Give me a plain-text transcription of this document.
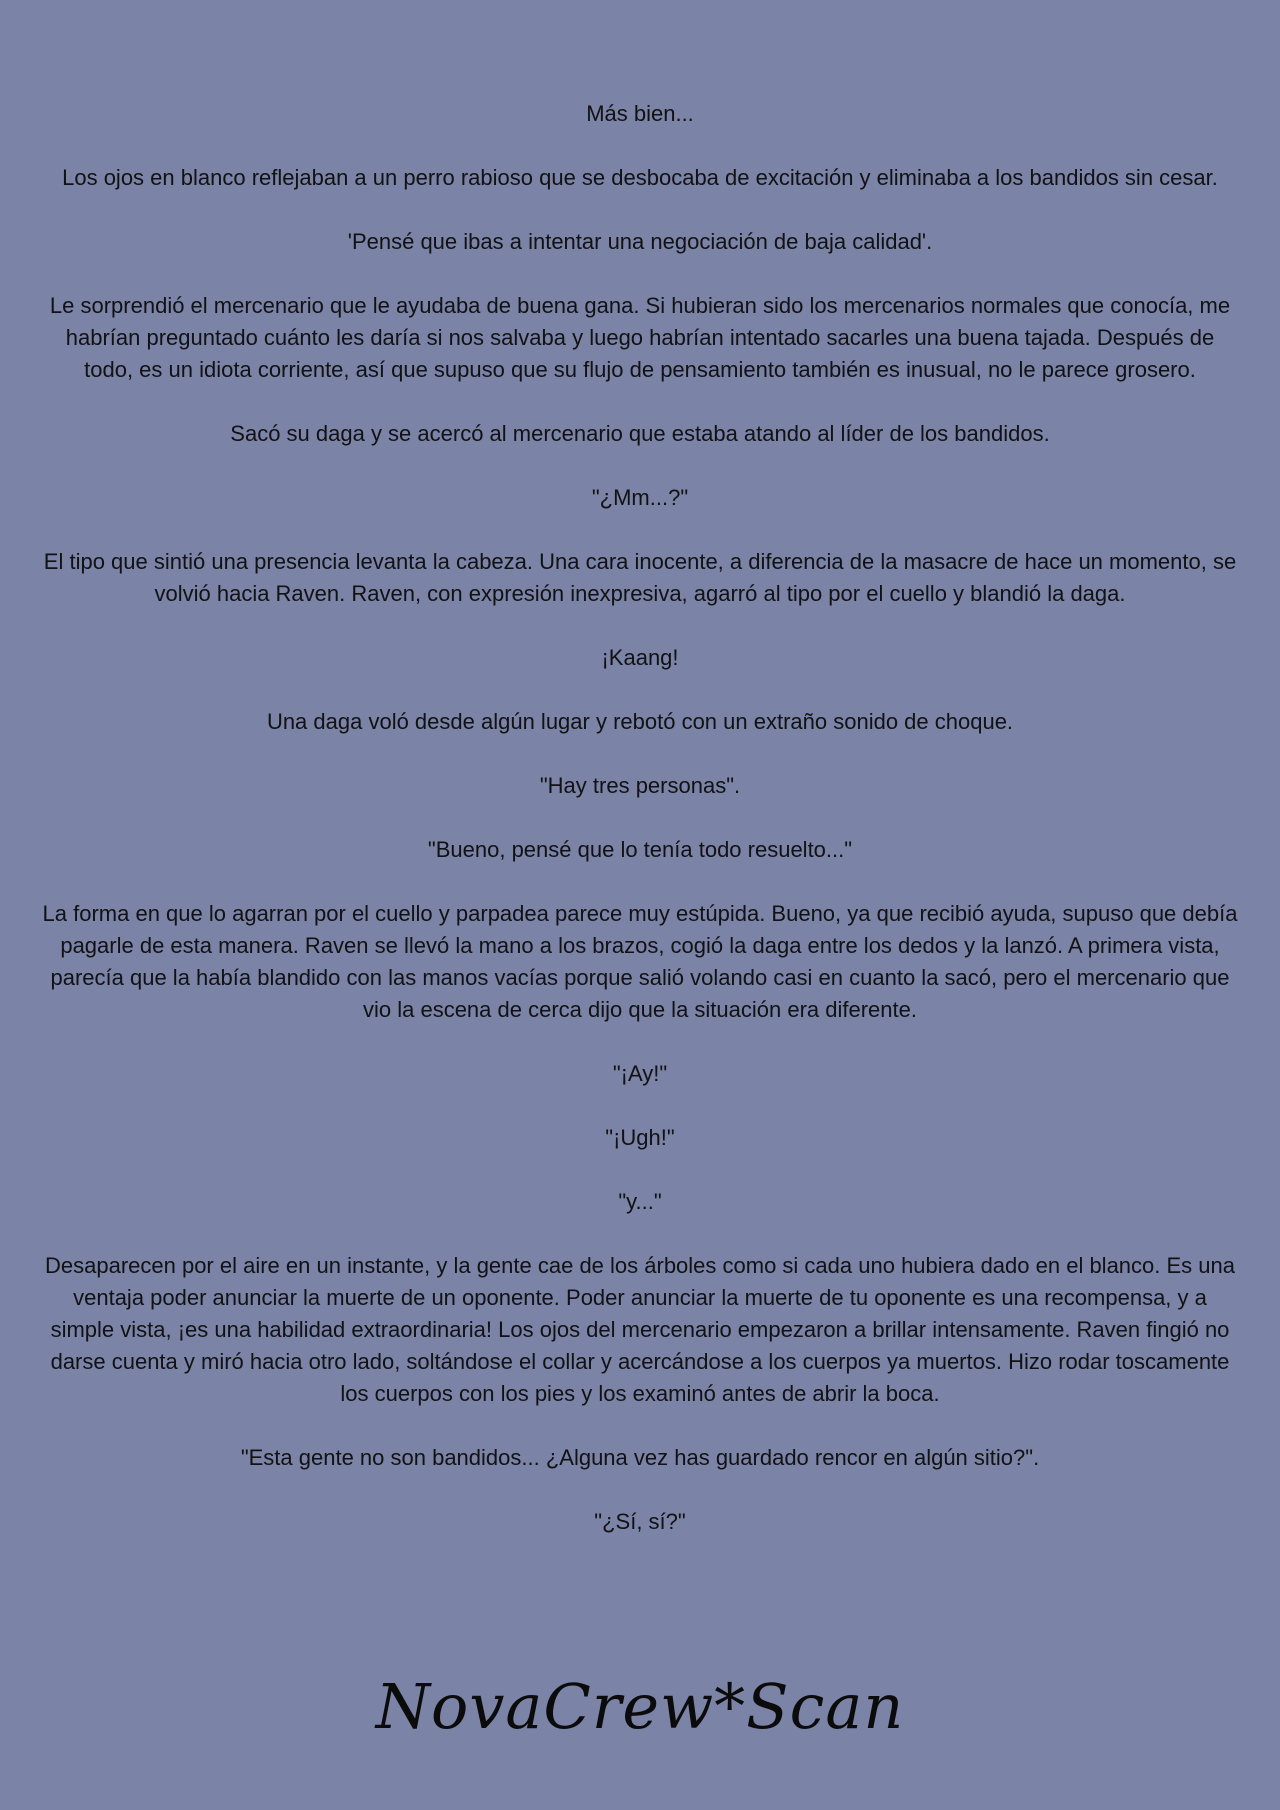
Más bien...

Los ojos en blanco reflejaban a un perro rabioso que se desbocaba de excitación y eliminaba a los bandidos sin cesar.

'Pensé que ibas a intentar una negociación de baja calidad'.

Le sorprendió el mercenario que le ayudaba de buena gana. Si hubieran sido los mercenarios normales que conocía, me habrían preguntado cuánto les daría si nos salvaba y luego habrían intentado sacarles una buena tajada. Después de todo, es un idiota corriente, así que supuso que su flujo de pensamiento también es inusual, no le parece grosero.

Sacó su daga y se acercó al mercenario que estaba atando al líder de los bandidos.

"¿Mm...?"

El tipo que sintió una presencia levanta la cabeza. Una cara inocente, a diferencia de la masacre de hace un momento, se volvió hacia Raven. Raven, con expresión inexpresiva, agarró al tipo por el cuello y blandió la daga.

¡Kaang!

Una daga voló desde algún lugar y rebotó con un extraño sonido de choque.

"Hay tres personas".

"Bueno, pensé que lo tenía todo resuelto..."

La forma en que lo agarran por el cuello y parpadea parece muy estúpida. Bueno, ya que recibió ayuda, supuso que debía pagarle de esta manera. Raven se llevó la mano a los brazos, cogió la daga entre los dedos y la lanzó. A primera vista, parecía que la había blandido con las manos vacías porque salió volando casi en cuanto la sacó, pero el mercenario que vio la escena de cerca dijo que la situación era diferente.

"¡Ay!"

"¡Ugh!"

"y..."

Desaparecen por el aire en un instante, y la gente cae de los árboles como si cada uno hubiera dado en el blanco. Es una ventaja poder anunciar la muerte de un oponente. Poder anunciar la muerte de tu oponente es una recompensa, y a simple vista, ¡es una habilidad extraordinaria! Los ojos del mercenario empezaron a brillar intensamente. Raven fingió no darse cuenta y miró hacia otro lado, soltándose el collar y acercándose a los cuerpos ya muertos. Hizo rodar toscamente los cuerpos con los pies y los examinó antes de abrir la boca.

"Esta gente no son bandidos... ¿Alguna vez has guardado rencor en algún sitio?".

"¿Sí, sí?"

NovaCrew*Scan
